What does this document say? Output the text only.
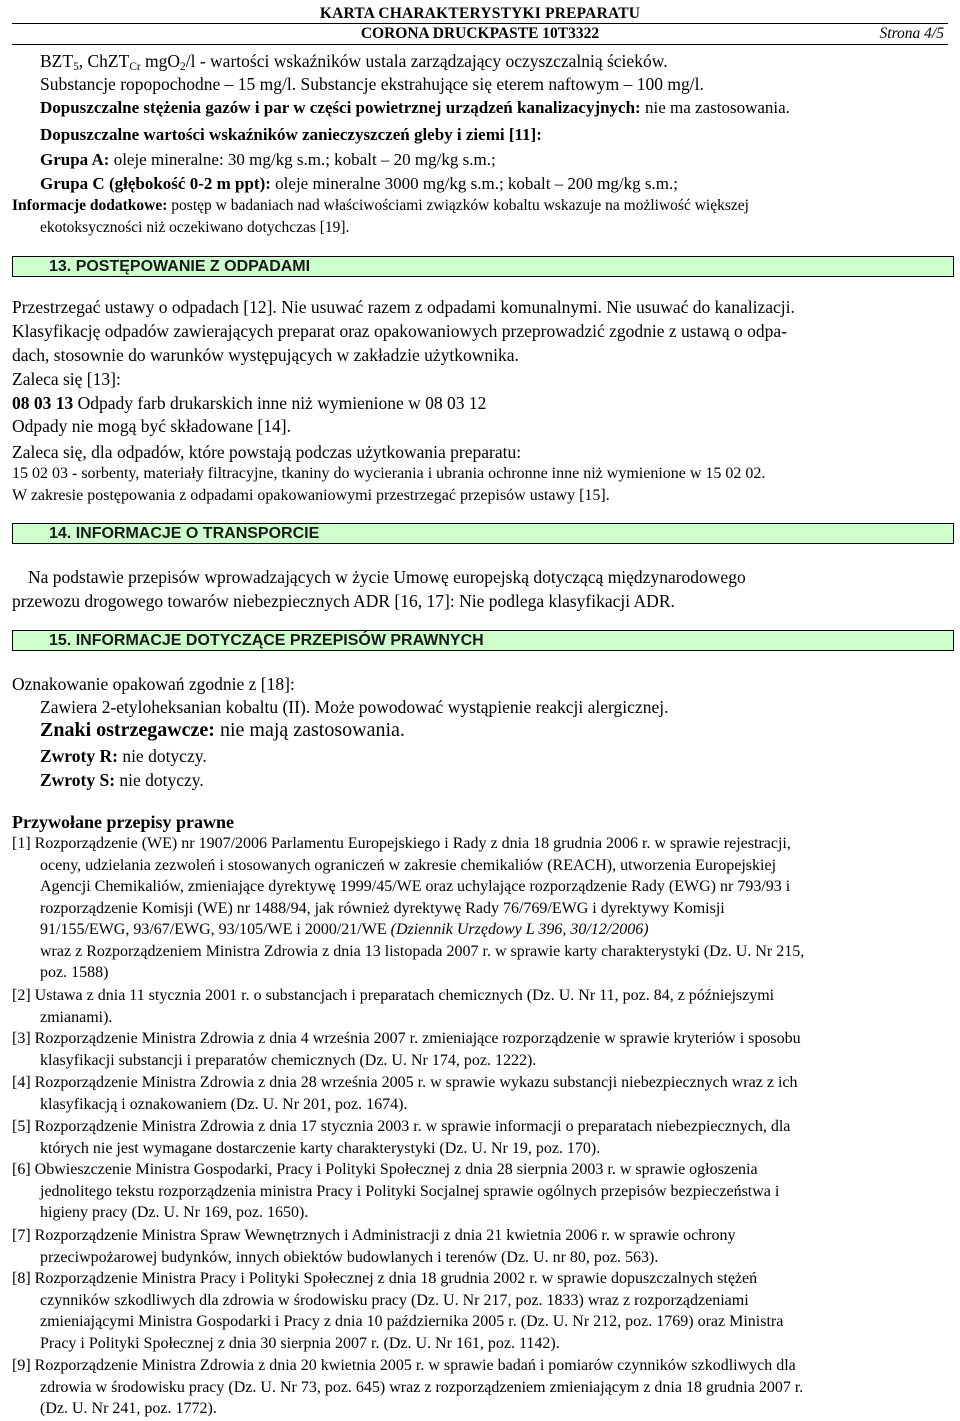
KARTA CHARAKTERYSTYKI PREPARATU
CORONA DRUCKPASTE 10T3322	Strona 4/5
$BZT_5$, ChZT$_{Cr}$ mgO$_2$/l - wartości wskaźników ustala zarządzający oczyszczalnią ścieków.
Substancje ropopochodne – 15 mg/l. Substancje ekstrahujące się eterem naftowym – 100 mg/l.
Dopuszczalne stężenia gazów i par w części powietrznej urządzeń kanalizacyjnych: nie ma zastosowania.
Dopuszczalne wartości wskaźników zanieczyszczeń gleby i ziemi [11]:
Grupa A: oleje mineralne: 30 mg/kg s.m.; kobalt – 20 mg/kg s.m.;
Grupa C (głębokość 0-2 m ppt): oleje mineralne 3000 mg/kg s.m.; kobalt – 200 mg/kg s.m.;
Informacje dodatkowe: postęp w badaniach nad właściwościami związków kobaltu wskazuje na możliwość większej
ekotoksyczności niż oczekiwano dotychczas [19].
13. POSTĘPOWANIE Z ODPADAMI
Przestrzegać ustawy o odpadach [12]. Nie usuwać razem z odpadami komunalnymi. Nie usuwać do kanalizacji.
Klasyfikację odpadów zawierających preparat oraz opakowaniowych przeprowadzić zgodnie z ustawą o odpa-
dach, stosownie do warunków występujących w zakładzie użytkownika.
Zaleca się [13]:
08 03 13 Odpady farb drukarskich inne niż wymienione w 08 03 12
Odpady nie mogą być składowane [14].
Zaleca się, dla odpadów, które powstają podczas użytkowania preparatu:
15 02 03 - sorbenty, materiały filtracyjne, tkaniny do wycierania i ubrania ochronne inne niż wymienione w 15 02 02.
W zakresie postępowania z odpadami opakowaniowymi przestrzegać przepisów ustawy [15].
14. INFORMACJE O TRANSPORCIE
Na podstawie przepisów wprowadzających w życie Umowę europejską dotyczącą międzynarodowego
przewozu drogowego towarów niebezpiecznych ADR [16, 17]: Nie podlega klasyfikacji ADR.
15. INFORMACJE DOTYCZĄCE PRZEPISÓW PRAWNYCH
Oznakowanie opakowań zgodnie z [18]:
Zawiera 2-etyloheksanian kobaltu (II). Może powodować wystąpienie reakcji alergicznej.
Znaki ostrzegawcze: nie mają zastosowania.
Zwroty R: nie dotyczy.
Zwroty S: nie dotyczy.
Przywołane przepisy prawne
[1] Rozporządzenie (WE) nr 1907/2006 Parlamentu Europejskiego i Rady z dnia 18 grudnia 2006 r. w sprawie rejestracji,
oceny, udzielania zezwoleń i stosowanych ograniczeń w zakresie chemikaliów (REACH), utworzenia Europejskiej
Agencji Chemikaliów, zmieniające dyrektywę 1999/45/WE oraz uchylające rozporządzenie Rady (EWG) nr 793/93 i
rozporządzenie Komisji (WE) nr 1488/94, jak również dyrektywę Rady 76/769/EWG i dyrektywy Komisji
91/155/EWG, 93/67/EWG, 93/105/WE i 2000/21/WE (Dziennik Urzędowy L 396, 30/12/2006)
wraz z Rozporządzeniem Ministra Zdrowia z dnia 13 listopada 2007 r. w sprawie karty charakterystyki (Dz. U. Nr 215,
poz. 1588)
[2] Ustawa z dnia 11 stycznia 2001 r. o substancjach i preparatach chemicznych (Dz. U. Nr 11, poz. 84, z późniejszymi
zmianami).
[3] Rozporządzenie Ministra Zdrowia z dnia 4 września 2007 r. zmieniające rozporządzenie w sprawie kryteriów i sposobu
klasyfikacji substancji i preparatów chemicznych (Dz. U. Nr 174, poz. 1222).
[4] Rozporządzenie Ministra Zdrowia z dnia 28 września 2005 r. w sprawie wykazu substancji niebezpiecznych wraz z ich
klasyfikacją i oznakowaniem (Dz. U. Nr 201, poz. 1674).
[5] Rozporządzenie Ministra Zdrowia z dnia 17 stycznia 2003 r. w sprawie informacji o preparatach niebezpiecznych, dla
których nie jest wymagane dostarczenie karty charakterystyki (Dz. U. Nr 19, poz. 170).
[6] Obwieszczenie Ministra Gospodarki, Pracy i Polityki Społecznej z dnia 28 sierpnia 2003 r. w sprawie ogłoszenia
jednolitego tekstu rozporządzenia ministra Pracy i Polityki Socjalnej sprawie ogólnych przepisów bezpieczeństwa i
higieny pracy (Dz. U. Nr 169, poz. 1650).
[7] Rozporządzenie Ministra Spraw Wewnętrznych i Administracji z dnia 21 kwietnia 2006 r. w sprawie ochrony
przeciwpożarowej budynków, innych obiektów budowlanych i terenów (Dz. U. nr 80, poz. 563).
[8] Rozporządzenie Ministra Pracy i Polityki Społecznej z dnia 18 grudnia 2002 r. w sprawie dopuszczalnych stężeń
czynników szkodliwych dla zdrowia w środowisku pracy (Dz. U. Nr 217, poz. 1833) wraz z rozporządzeniami
zmieniającymi Ministra Gospodarki i Pracy z dnia 10 października 2005 r. (Dz. U. Nr 212, poz. 1769) oraz Ministra
Pracy i Polityki Społecznej z dnia 30 sierpnia 2007 r. (Dz. U. Nr 161, poz. 1142).
[9] Rozporządzenie Ministra Zdrowia z dnia 20 kwietnia 2005 r. w sprawie badań i pomiarów czynników szkodliwych dla
zdrowia w środowisku pracy (Dz. U. Nr 73, poz. 645) wraz z rozporządzeniem zmieniającym z dnia 18 grudnia 2007 r.
(Dz. U. Nr 241, poz. 1772).
